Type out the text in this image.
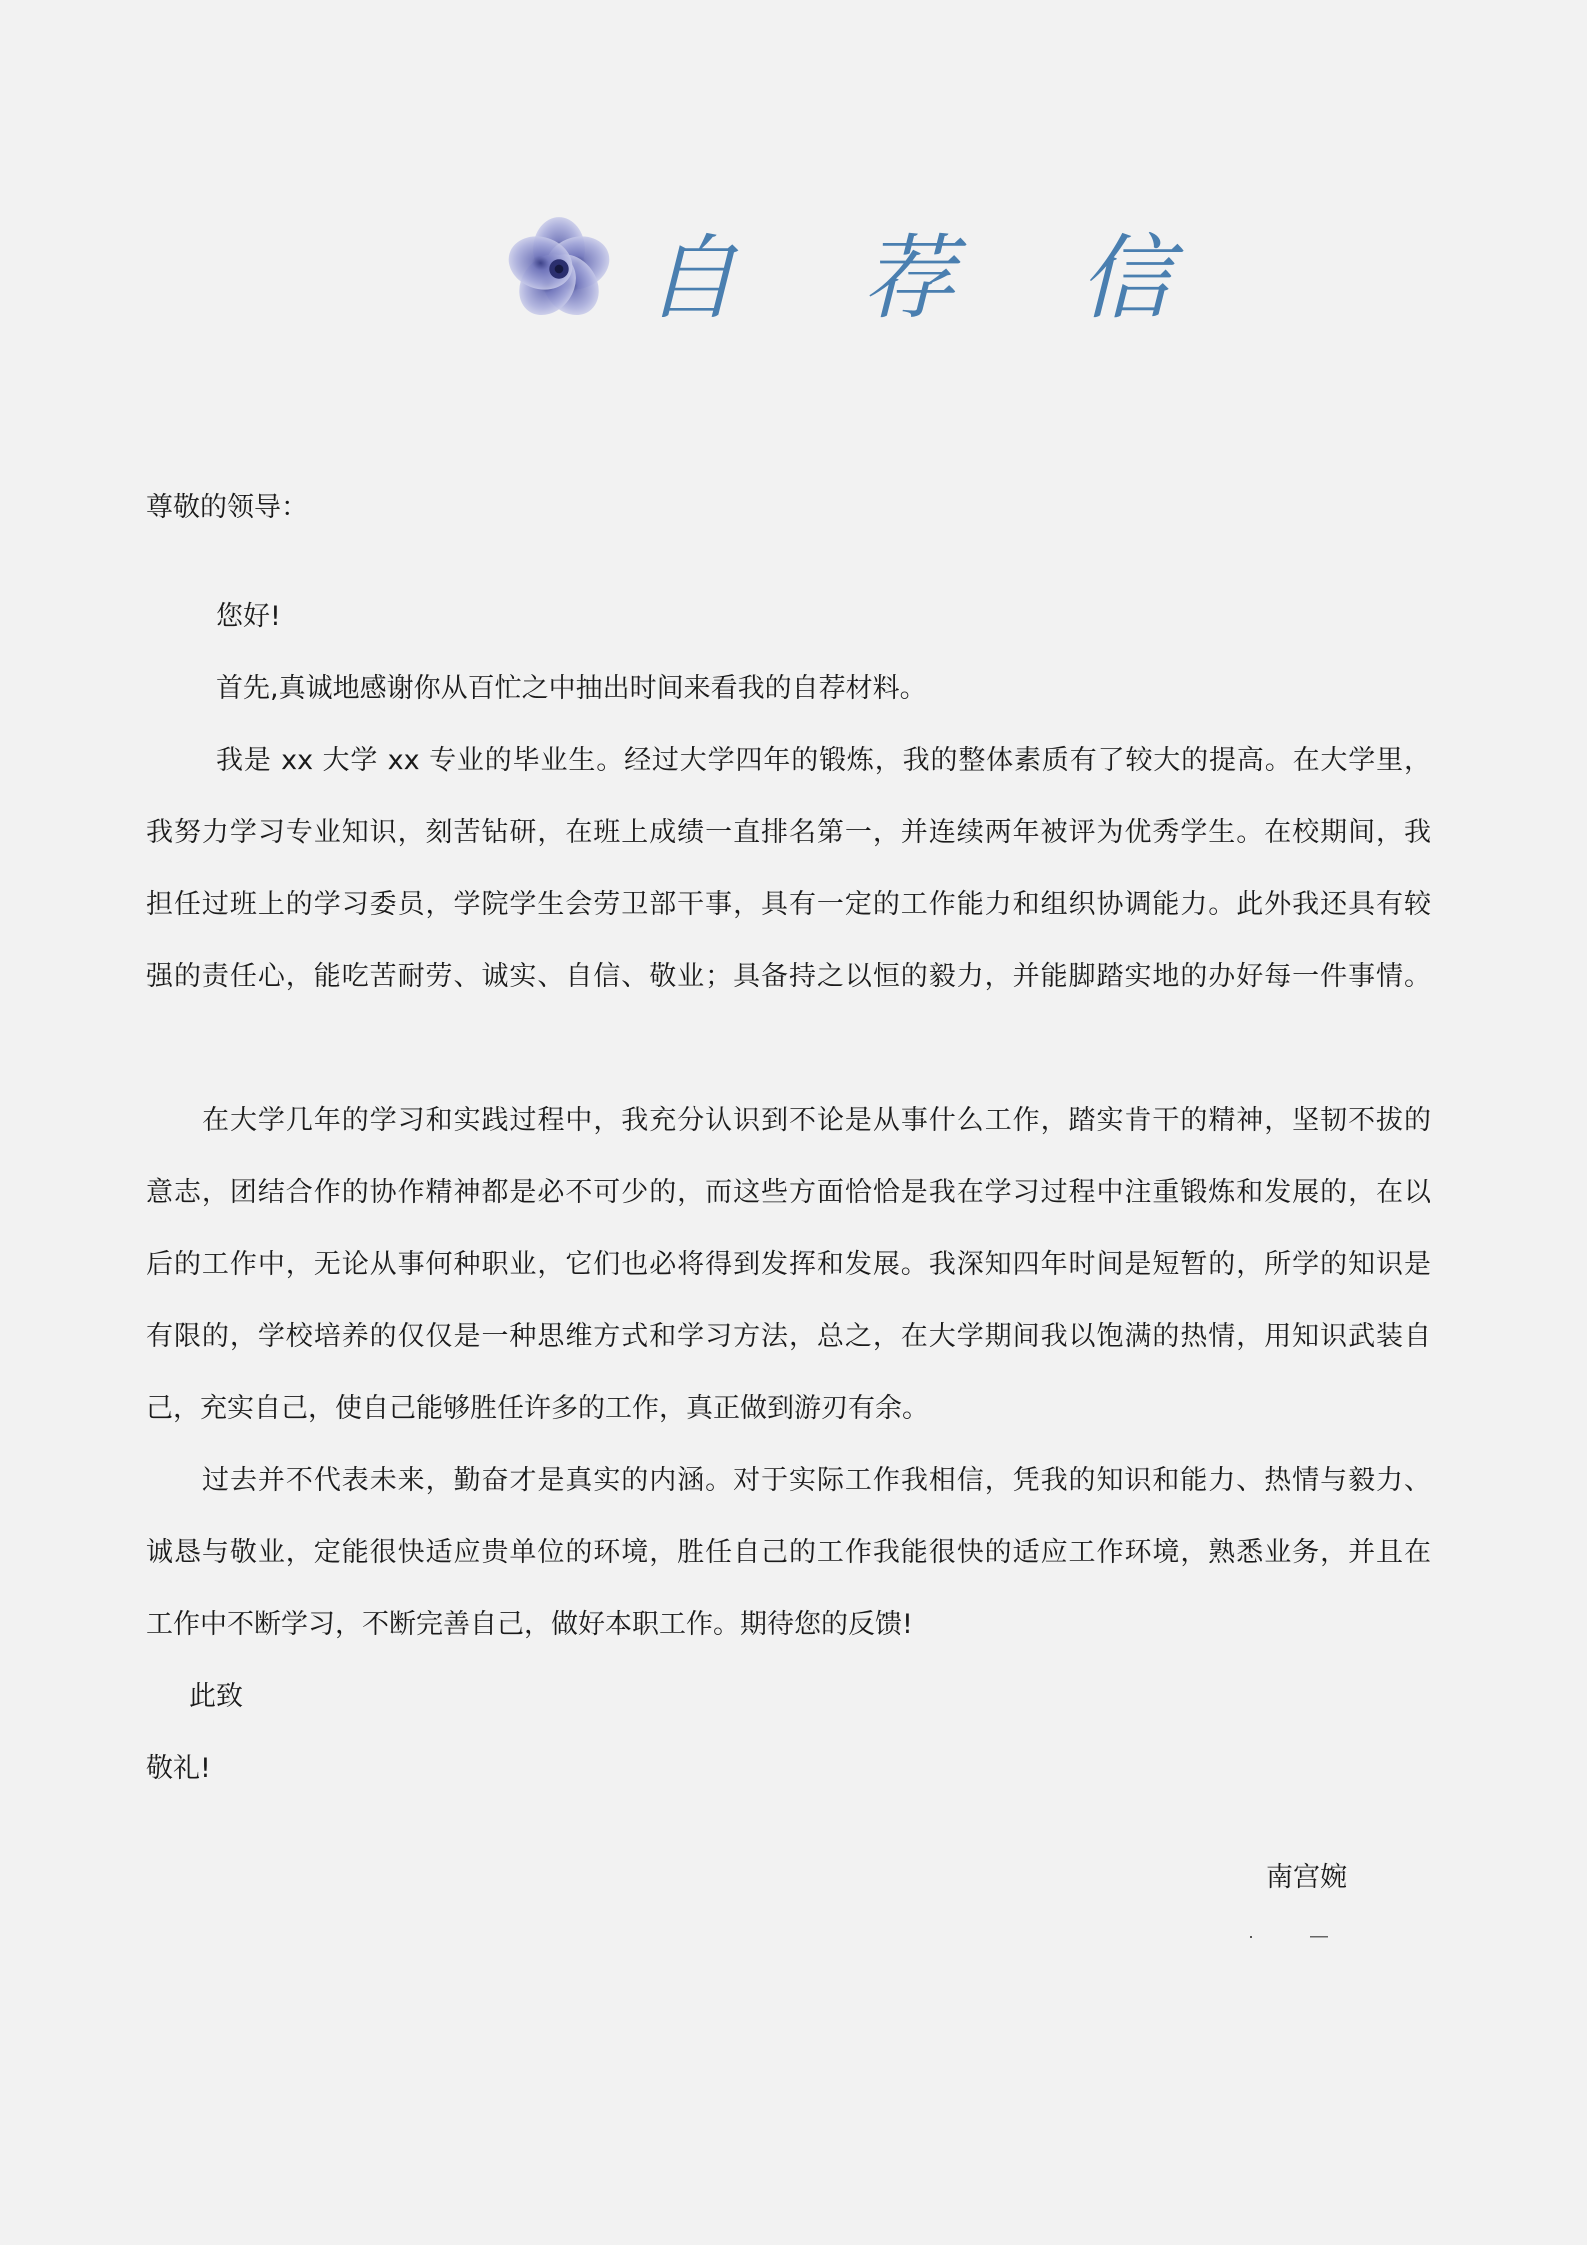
自 荐 信
尊敬的领导：
您好!
首先,真诚地感谢你从百忙之中抽出时间来看我的自荐材料。
我是 xx 大学 xx 专业的毕业生。经过大学四年的锻炼，我的整体素质有了较大的提高。在大学里，
我努力学习专业知识，刻苦钻研，在班上成绩一直排名第一，并连续两年被评为优秀学生。在校期间，我
担任过班上的学习委员，学院学生会劳卫部干事，具有一定的工作能力和组织协调能力。此外我还具有较
强的责任心，能吃苦耐劳、诚实、自信、敬业；具备持之以恒的毅力，并能脚踏实地的办好每一件事情。
在大学几年的学习和实践过程中，我充分认识到不论是从事什么工作，踏实肯干的精神，坚韧不拔的
意志，团结合作的协作精神都是必不可少的，而这些方面恰恰是我在学习过程中注重锻炼和发展的，在以
后的工作中，无论从事何种职业，它们也必将得到发挥和发展。我深知四年时间是短暂的，所学的知识是
有限的，学校培养的仅仅是一种思维方式和学习方法，总之，在大学期间我以饱满的热情，用知识武装自
己，充实自己，使自己能够胜任许多的工作，真正做到游刃有余。
过去并不代表未来，勤奋才是真实的内涵。对于实际工作我相信，凭我的知识和能力、热情与毅力、
诚恳与敬业，定能很快适应贵单位的环境，胜任自己的工作我能很快的适应工作环境，熟悉业务，并且在
工作中不断学习，不断完善自己，做好本职工作。期待您的反馈!
此致
敬礼!
南宫婉
